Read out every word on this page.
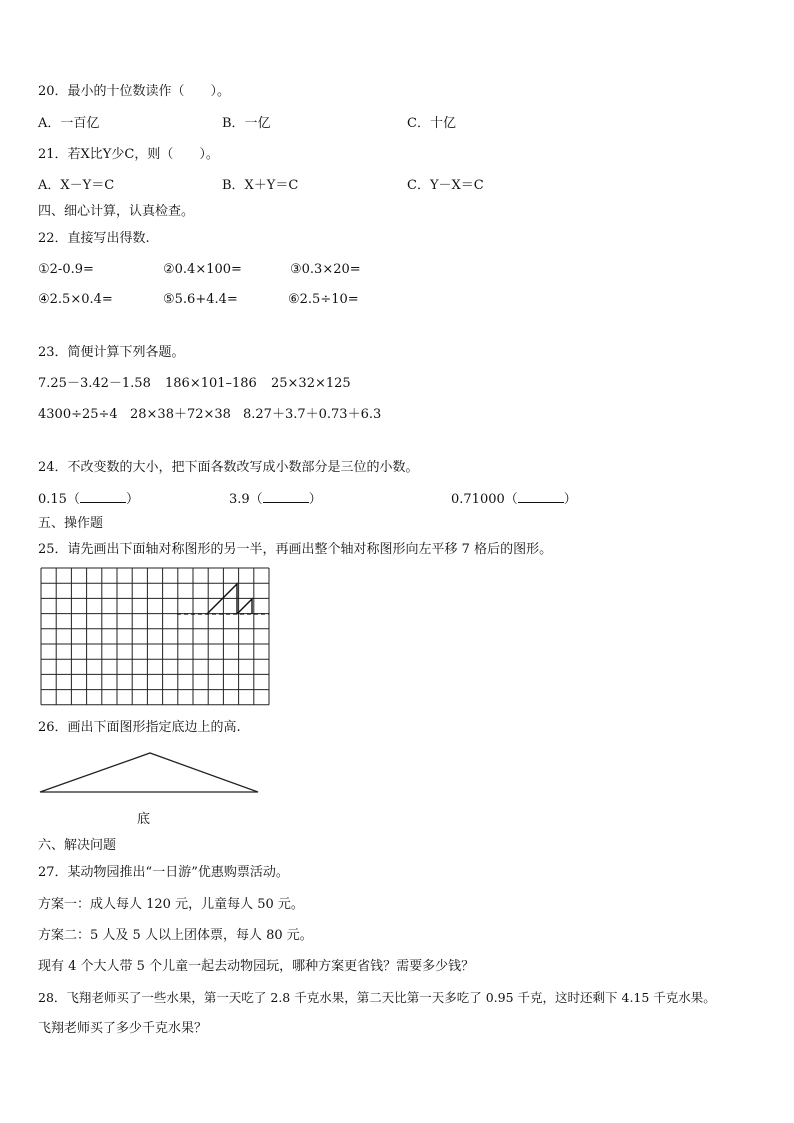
20．最小的十位数读作（　　）。
A．一百亿	B．一亿	C．十亿
21．若X比Y少C，则（　　）。
A．X－Y＝C	B．X＋Y＝C	C．Y－X＝C
四、细心计算，认真检查。
22．直接写出得数.
①2-0.9=	②0.4×100=	③0.3×20=
④2.5×0.4=	⑤5.6+4.4=	⑥2.5÷10=
23．简便计算下列各题。
7.25－3.42－1.58 186×101–186 25×32×125
4300÷25÷4 28×38＋72×38 8.27＋3.7＋0.73＋6.3
24．不改变数的大小，把下面各数改写成小数部分是三位的小数。
0.15（	）	3.9（	）	0.71000（	）
五、操作题
25．请先画出下面轴对称图形的另一半，再画出整个轴对称图形向左平移 7 格后的图形。
26．画出下面图形指定底边上的高.
底
六、解决问题
27．某动物园推出“一日游”优惠购票活动。
方案一：成人每人 120 元，儿童每人 50 元。
方案二：5 人及 5 人以上团体票，每人 80 元。
现有 4 个大人带 5 个儿童一起去动物园玩，哪种方案更省钱？需要多少钱？
28．飞翔老师买了一些水果，第一天吃了 2.8 千克水果，第二天比第一天多吃了 0.95 千克，这时还剩下 4.15 千克水果。
飞翔老师买了多少千克水果？
